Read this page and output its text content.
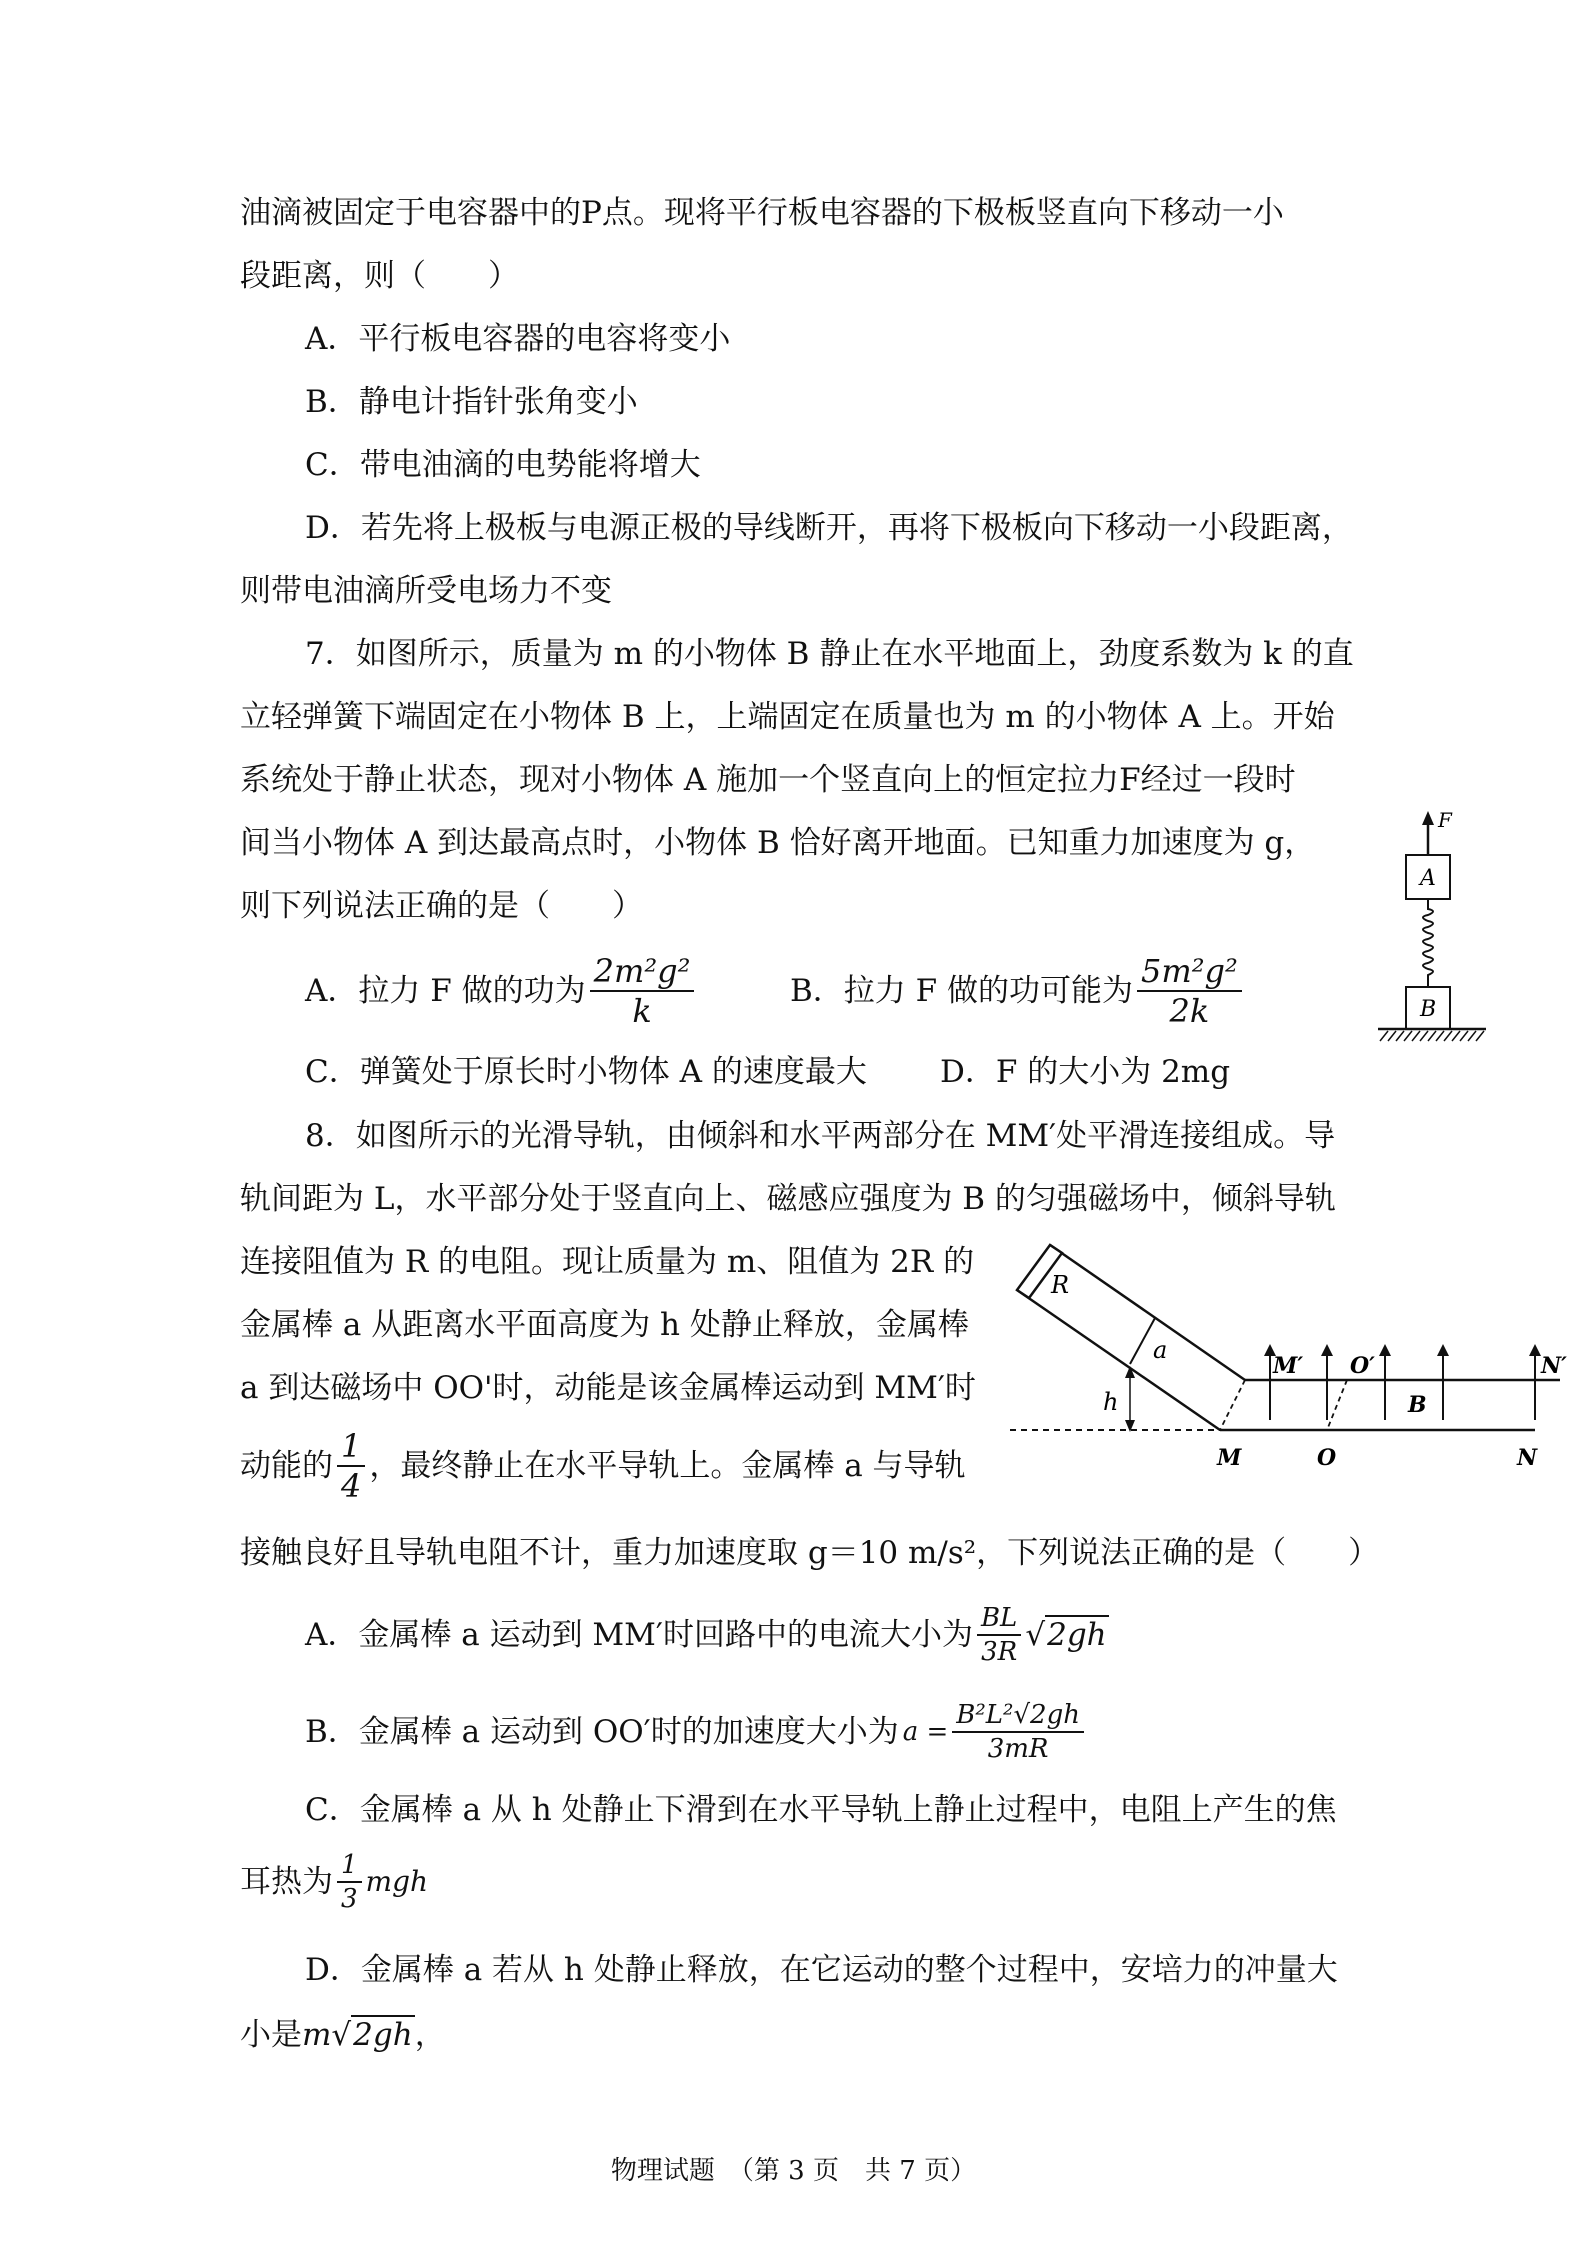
油滴被固定于电容器中的P点。现将平行板电容器的下极板竖直向下移动一小
段距离，则（　　）
A．平行板电容器的电容将变小
B．静电计指针张角变小
C．带电油滴的电势能将增大
D．若先将上极板与电源正极的导线断开，再将下极板向下移动一小段距离，
则带电油滴所受电场力不变
7．如图所示，质量为 m 的小物体 B 静止在水平地面上，劲度系数为 k 的直
立轻弹簧下端固定在小物体 B 上，上端固定在质量也为 m 的小物体 A 上。开始
系统处于静止状态，现对小物体 A 施加一个竖直向上的恒定拉力F经过一段时
间当小物体 A 到达最高点时，小物体 B 恰好离开地面。已知重力加速度为 g，
则下列说法正确的是（　　）
A．拉力 F 做的功为 $\frac{\text{2m²g²}}{k}$	B．拉力 F 做的功可能为 $\frac{\text{5m²g²}}{2k}$
C．弹簧处于原长时小物体 A 的速度最大 D．F 的大小为 2mg
F
A
B
8．如图所示的光滑导轨，由倾斜和水平两部分在 MM′处平滑连接组成。导
轨间距为 L，水平部分处于竖直向上、磁感应强度为 B 的匀强磁场中，倾斜导轨
连接阻值为 R 的电阻。现让质量为 m、阻值为 2R 的
金属棒 a 从距离水平面高度为 h 处静止释放，金属棒
a 到达磁场中 OO'时，动能是该金属棒运动到 MM′时
动能的 $\frac{1}{4}$ ，最终静止在水平导轨上。金属棒 a 与导轨
接触良好且导轨电阻不计，重力加速度取 g＝10 m/s²，下列说法正确的是（　　）
A．金属棒 a 运动到 MM′时回路中的电流大小为 $\frac{BL}{3R} √2gh$
B．金属棒 a 运动到 OO′时的加速度大小为 $a = \frac{\text{B²L²√2gh}}{3mR}$
C．金属棒 a 从 h 处静止下滑到在水平导轨上静止过程中，电阻上产生的焦
耳热为 $\frac{1}{3}$ mgh
D．金属棒 a 若从 h 处静止释放，在它运动的整个过程中，安培力的冲量大
小是 m √2gh ，
R
a
h
M′ O′	N′
B
M	O	N
物理试题　（第 3 页　共 7 页）
